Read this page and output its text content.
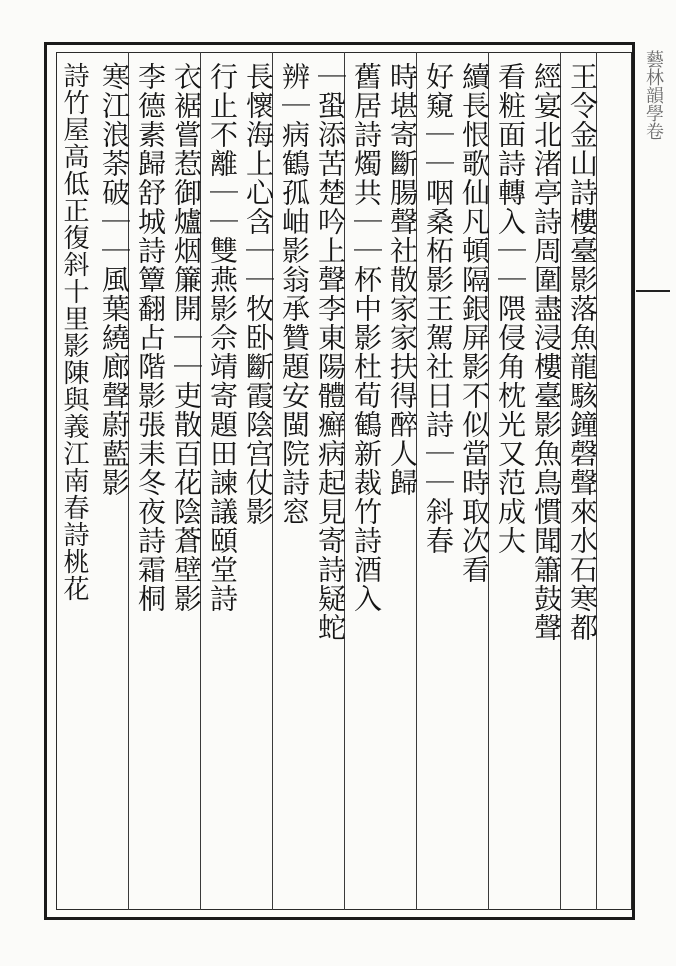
藝林韻學卷
王令金山詩樓臺影落魚龍駭鐘磬聲來水石寒都
經宴北渚亭詩周圍盡浸樓臺影魚鳥慣聞簫鼓聲
看粧面詩轉入｜｜隈侵角枕光又范成大
續長恨歌仙凡頓隔銀屏影不似當時取次看
好窺｜｜咽桑柘影王駕社日詩｜｜斜春
時堪寄斷腸聲社散家家扶得醉人歸
舊居詩燭共｜｜杯中影杜荀鶴新裁竹詩酒入
｜蛩添苦楚吟上聲李東陽體癬病起見寄詩疑蛇
辨｜病鶴孤岫影翁承贊題安閩院詩窓
長懷海上心含｜｜牧卧斷霞陰宫仗影
行止不離｜｜雙燕影佘靖寄題田諫議頤堂詩
衣裾嘗惹御爐烟簾開｜｜吏散百花陰蒼壁影
李德素歸舒城詩簟翻占階影張耒冬夜詩霜桐
寒江浪荼破｜｜風葉繞廊聲蔚藍影
詩竹屋高低正復斜十里影陳與義江南春詩桃花
